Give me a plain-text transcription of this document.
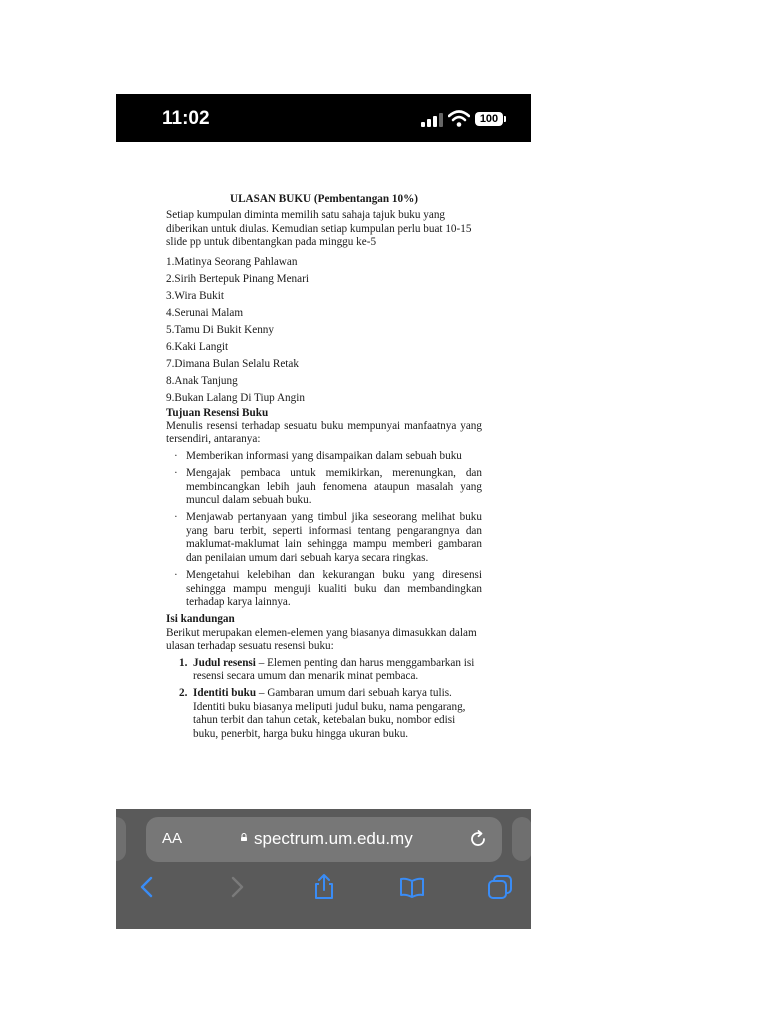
11:02	100
ULASAN BUKU (Pembentangan 10%)
Setiap kumpulan diminta memilih satu sahaja tajuk buku yang diberikan untuk diulas. Kemudian setiap kumpulan perlu buat 10-15 slide pp untuk dibentangkan pada minggu ke-5
1.Matinya Seorang Pahlawan
2.Sirih Bertepuk Pinang Menari
3.Wira Bukit
4.Serunai Malam
5.Tamu Di Bukit Kenny
6.Kaki Langit
7.Dimana Bulan Selalu Retak
8.Anak Tanjung
9.Bukan Lalang Di Tiup Angin
Tujuan Resensi Buku
Menulis resensi terhadap sesuatu buku mempunyai manfaatnya yang tersendiri, antaranya:
· Memberikan informasi yang disampaikan dalam sebuah buku
· Mengajak pembaca untuk memikirkan, merenungkan, dan membincangkan lebih jauh fenomena ataupun masalah yang muncul dalam sebuah buku.
· Menjawab pertanyaan yang timbul jika seseorang melihat buku yang baru terbit, seperti informasi tentang pengarangnya dan maklumat-maklumat lain sehingga mampu memberi gambaran dan penilaian umum dari sebuah karya secara ringkas.
· Mengetahui kelebihan dan kekurangan buku yang diresensi sehingga mampu menguji kualiti buku dan membandingkan terhadap karya lainnya.
Isi kandungan
Berikut merupakan elemen-elemen yang biasanya dimasukkan dalam ulasan terhadap sesuatu resensi buku:
1. Judul resensi – Elemen penting dan harus menggambarkan isi resensi secara umum dan menarik minat pembaca.
2. Identiti buku – Gambaran umum dari sebuah karya tulis. Identiti buku biasanya meliputi judul buku, nama pengarang, tahun terbit dan tahun cetak, ketebalan buku, nombor edisi buku, penerbit, harga buku hingga ukuran buku.
AA	spectrum.um.edu.my
